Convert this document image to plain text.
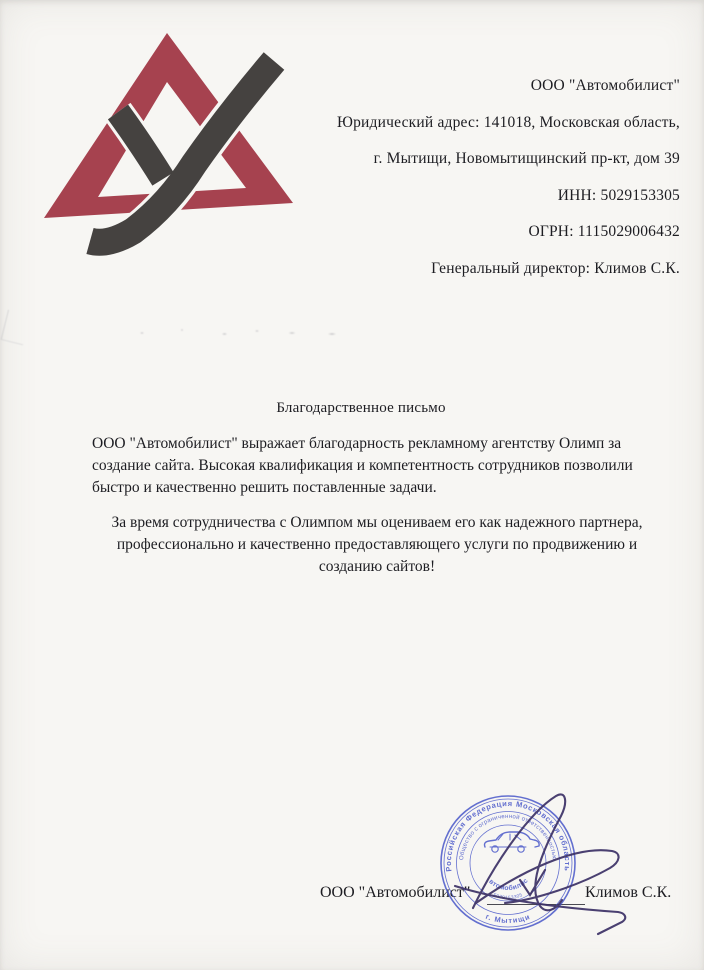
ООО "Автомобилист"
Юридический адрес: 141018, Московская область,
г. Мытищи, Новомытищинский пр-кт, дом 39
ИНН: 5029153305
ОГРН: 1115029006432
Генеральный директор: Климов С.К.
Благодарственное письмо

ООО "Автомобилист" выражает благодарность рекламному агентству Олимп за создание сайта. Высокая квалификация и компетентность сотрудников позволили быстро и качественно решить поставленные задачи.

За время сотрудничества с Олимпом мы оцениваем его как надежного партнера, профессионально и качественно предоставляющего услуги по продвижению и созданию сайтов!

ООО "Автомобилист"	Климов С.К.
Российская Федерация Московская область
Общество с ограниченной ответственностью
г. Мытищи
5029153305
"Автомобилист"
